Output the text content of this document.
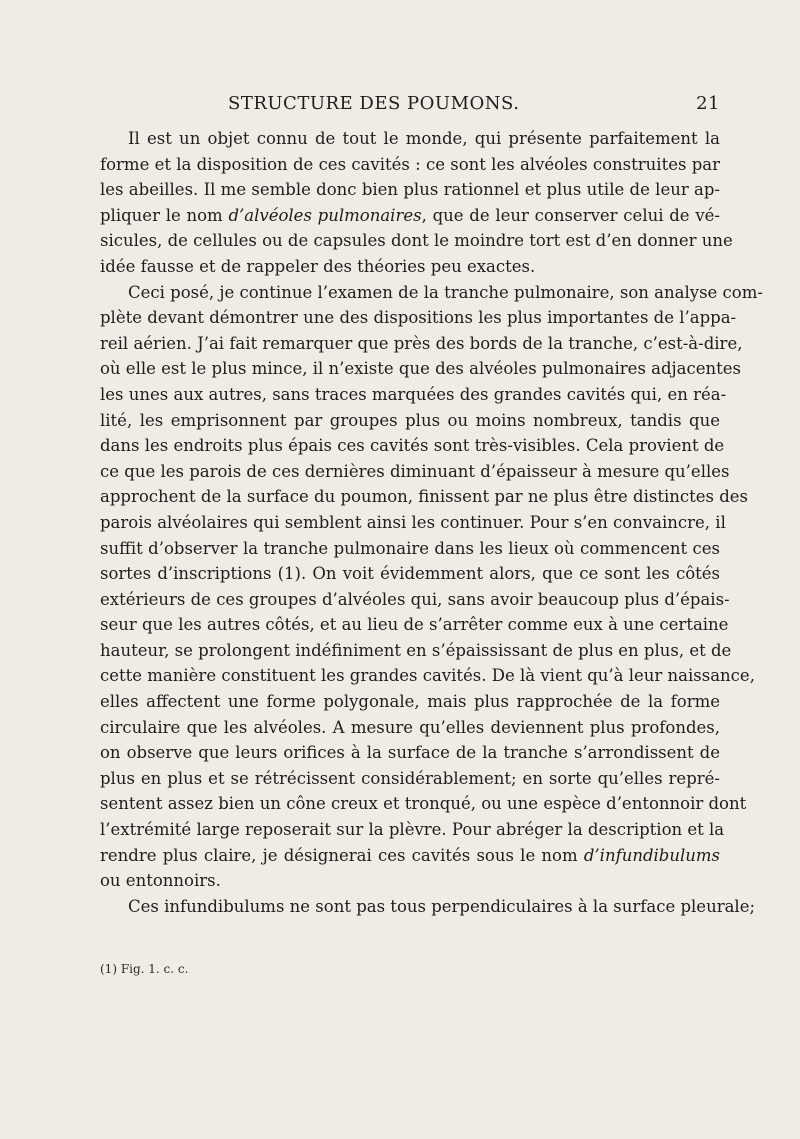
STRUCTURE DES POUMONS.	21
Il est un objet connu de tout le monde, qui présente parfaitement la
forme et la disposition de ces cavités : ce sont les alvéoles construites par
les abeilles. Il me semble donc bien plus rationnel et plus utile de leur ap-
pliquer le nom d’alvéoles pulmonaires, que de leur conserver celui de vé-
sicules, de cellules ou de capsules dont le moindre tort est d’en donner une
idée fausse et de rappeler des théories peu exactes.
Ceci posé, je continue l’examen de la tranche pulmonaire, son analyse com-
plète devant démontrer une des dispositions les plus importantes de l’appa-
reil aérien. J’ai fait remarquer que près des bords de la tranche, c’est-à-dire,
où elle est le plus mince, il n’existe que des alvéoles pulmonaires adjacentes
les unes aux autres, sans traces marquées des grandes cavités qui, en réa-
lité, les emprisonnent par groupes plus ou moins nombreux, tandis que
dans les endroits plus épais ces cavités sont très-visibles. Cela provient de
ce que les parois de ces dernières diminuant d’épaisseur à mesure qu’elles
approchent de la surface du poumon, finissent par ne plus être distinctes des
parois alvéolaires qui semblent ainsi les continuer. Pour s’en convaincre, il
suffit d’observer la tranche pulmonaire dans les lieux où commencent ces
sortes d’inscriptions (1). On voit évidemment alors, que ce sont les côtés
extérieurs de ces groupes d’alvéoles qui, sans avoir beaucoup plus d’épais-
seur que les autres côtés, et au lieu de s’arrêter comme eux à une certaine
hauteur, se prolongent indéfiniment en s’épaississant de plus en plus, et de
cette manière constituent les grandes cavités. De là vient qu’à leur naissance,
elles affectent une forme polygonale, mais plus rapprochée de la forme
circulaire que les alvéoles. A mesure qu’elles deviennent plus profondes,
on observe que leurs orifices à la surface de la tranche s’arrondissent de
plus en plus et se rétrécissent considérablement; en sorte qu’elles repré-
sentent assez bien un cône creux et tronqué, ou une espèce d’entonnoir dont
l’extrémité large reposerait sur la plèvre. Pour abréger la description et la
rendre plus claire, je désignerai ces cavités sous le nom d’infundibulums
ou entonnoirs.
Ces infundibulums ne sont pas tous perpendiculaires à la surface pleurale;
(1) Fig. 1. c. c.
